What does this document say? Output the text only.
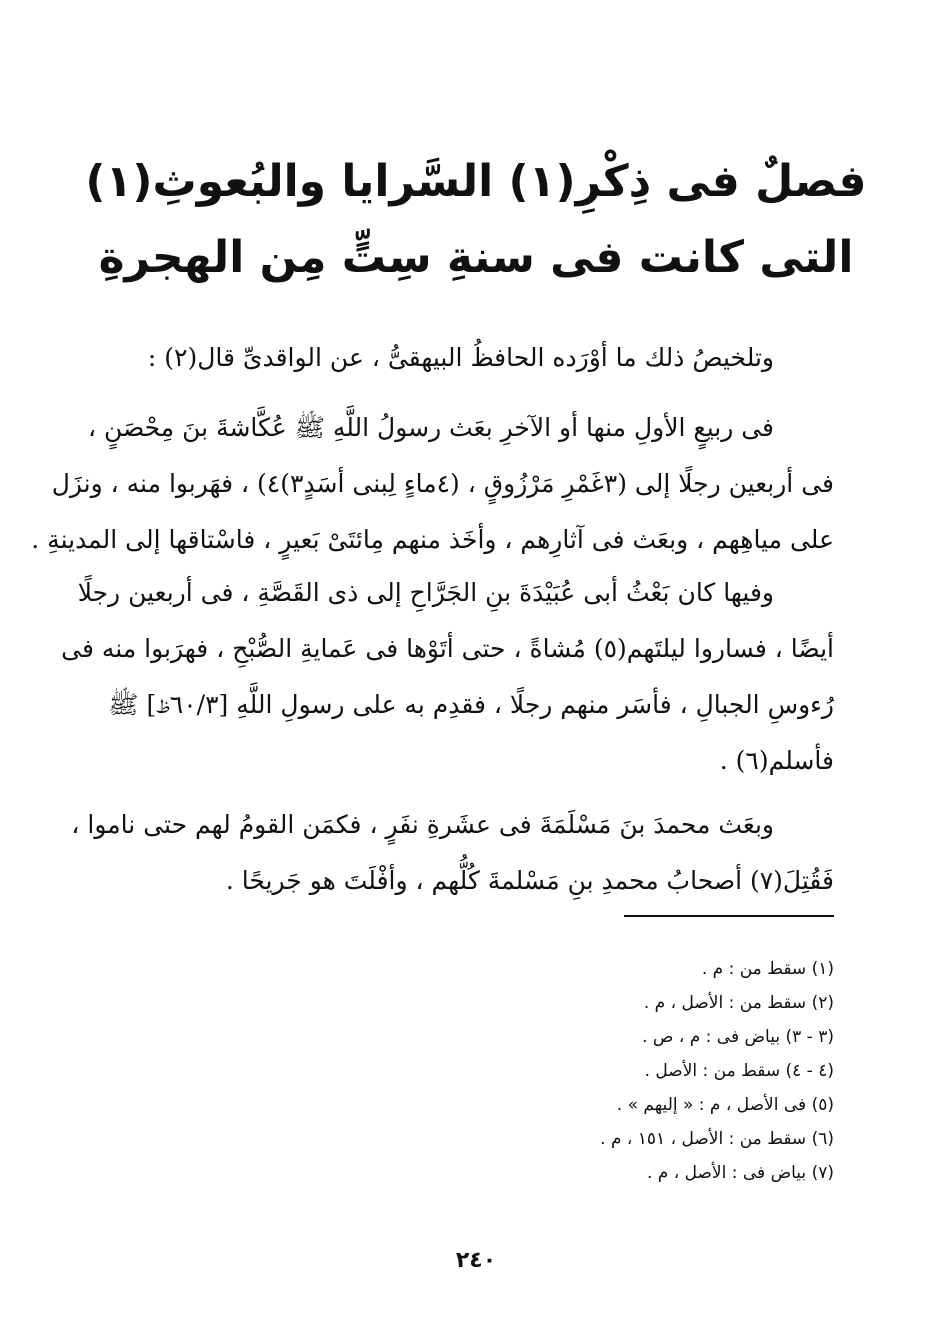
فصلٌ فى ذِكْرِ(١) السَّرايا والبُعوثِ(١)
التى كانت فى سنةِ سِتٍّ مِن الهجرةِ
وتلخيصُ ذلك ما أوْرَده الحافظُ البيهقىُّ ، عن الواقدىِّ قال(٢) :
فى ربيعٍ الأولِ منها أو الآخرِ بعَث رسولُ اللَّهِ ﷺ عُكَّاشةَ بنَ مِحْصَنٍ ،
فى أربعين رجلًا إلى (٣غَمْرِ مَرْزُوقٍ ، (٤ماءٍ لِبنى أسَدٍ٣)٤) ، فهَربوا منه ، ونزَل
على مياهِهم ، وبعَث فى آثارِهم ، وأخَذ منهم مِائتَىْ بَعيرٍ ، فاسْتاقها إلى المدينةِ .
وفيها كان بَعْثُ أبى عُبَيْدَةَ بنِ الجَرَّاحِ إلى ذى القَصَّةِ ، فى أربعين رجلًا
أيضًا ، فساروا ليلتَهم(٥) مُشاةً ، حتى أتَوْها فى عَمايةِ الصُّبْحِ ، فهرَبوا منه فى
رُءوسِ الجبالِ ، فأسَر منهم رجلًا ، فقدِم به على رسولِ اللَّهِ [٦٠/٣ظ] ﷺ
فأسلم(٦) .
وبعَث محمدَ بنَ مَسْلَمَةَ فى عشَرةِ نفَرٍ ، فكمَن القومُ لهم حتى ناموا ،
فَقُتِلَ(٧) أصحابُ محمدِ بنِ مَسْلمةَ كُلُّهم ، وأفْلَتَ هو جَريحًا .
(١) سقط من : م .
(٢) سقط من : الأصل ، م .
(٣ - ٣) بياض فى : م ، ص .
(٤ - ٤) سقط من : الأصل .
(٥) فى الأصل ، م : « إليهم » .
(٦) سقط من : الأصل ، ١٥١ ، م .
(٧) بياض فى : الأصل ، م .
٢٤٠
